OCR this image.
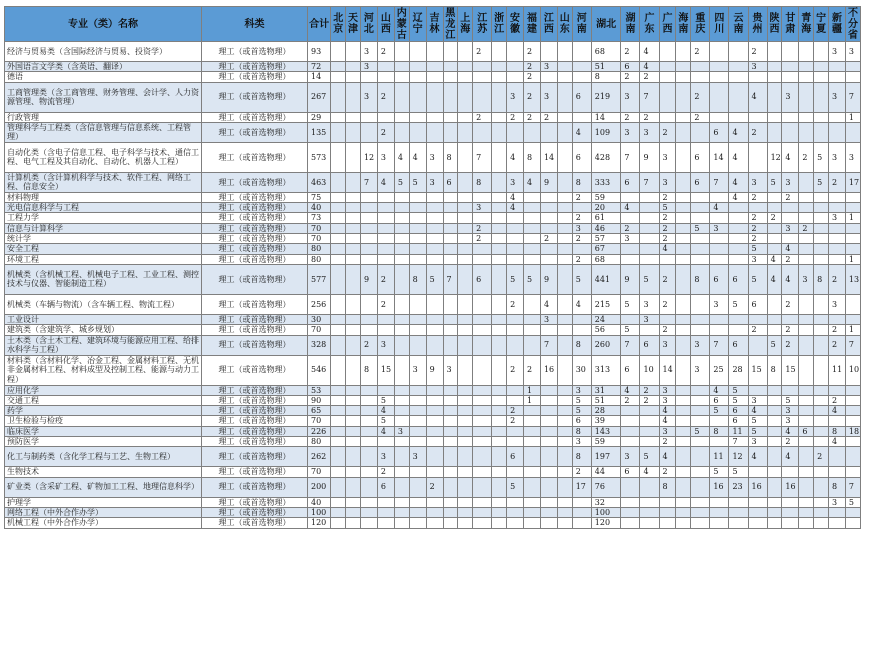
专业（类）名称	科类	合计	北京	天津	河北	山西	内蒙古	辽宁	吉林	黑龙江	上海	江苏	浙江	安徽	福建	江西	山东	河南	湖北	湖南	广东	广西	海南	重庆	四川	云南	贵州	陕西	甘肃	青海	宁夏	新疆	不分省
经济与贸易类（含国际经济与贸易、投资学）	理工（或首选物理）	93			3	2						2			2				68	2	4			2			2					3	3
外国语言文学类（含英语、翻译）	理工（或首选物理）	72			3										2	3			51	6	4						3						
德语	理工（或首选物理）	14													2				8	2	2												
工商管理类（含工商管理、财务管理、会计学、人力资源管理、物流管理）	理工（或首选物理）	267			3	2								3	2	3		6	219	3	7			2			4		3			3	7
行政管理	理工（或首选物理）	29										2		2	2	2			14	2	2			2									1
管理科学与工程类（含信息管理与信息系统、工程管理）	理工（或首选物理）	135				2												4	109	3	3	2			6	4	2						
自动化类（含电子信息工程、电子科学与技术、通信工程、电气工程及其自动化、自动化、机器人工程）	理工（或首选物理）	573			12	3	4	4	3	8		7		4	8	14		6	428	7	9	3		6	14	4		12	4	2	5	3	3
计算机类（含计算机科学与技术、软件工程、网络工程、信息安全）	理工（或首选物理）	463			7	4	5	5	3	6		8		3	4	9		8	333	6	7	3		6	7	4	3	5	3		5	2	17
材料物理	理工（或首选物理）	75												4				2	59			2				4	2		2				
光电信息科学与工程	理工（或首选物理）	40										3		4					20	4		5			4								
工程力学	理工（或首选物理）	73																2	61			2					2	2				3	1
信息与计算科学	理工（或首选物理）	70										2						3	46	2		2		5	3		2		3	2			
统计学	理工（或首选物理）	70										2				2		2	57	3		2					2						
安全工程	理工（或首选物理）	80																	67			4					5		4				
环境工程	理工（或首选物理）	80																2	68								3	4	2				1
机械类（含机械工程、机械电子工程、工业工程、测控技术与仪器、智能制造工程）	理工（或首选物理）	577			9	2		8	5	7		6		5	5	9		5	441	9	5	2		8	6	6	5	4	4	3	8	2	13
机械类（车辆与物流）（含车辆工程、物流工程）	理工（或首选物理）	256				2								2		4		4	215	5	3	2			3	5	6		2			3	
工业设计	理工（或首选物理）	30														3			24		3												
建筑类（含建筑学、城乡规划）	理工（或首选物理）	70																	56	5		2					2		2			2	1
土木类（含土木工程、建筑环境与能源应用工程、给排水科学与工程）	理工（或首选物理）	328			2	3										7		8	260	7	6	3		3	7	6		5	2			2	7
材料类（含材料化学、冶金工程、金属材料工程、无机非金属材料工程、材料成型及控制工程、能源与动力工程）	理工（或首选物理）	546			8	15		3	9	3				2	2	16		30	313	6	10	14		3	25	28	15	8	15			11	10
应用化学	理工（或首选物理）	53													1			3	31	4	2	3			4	5							
交通工程	理工（或首选物理）	90				5									1			5	51	2	2	3			6	5	3		5			2	
药学	理工（或首选物理）	65				4								2				5	28			4			5	6	4		3			4	
卫生检验与检疫	理工（或首选物理）	70				5								2				6	39			4				6	5		3				
临床医学	理工（或首选物理）	226				4	3											8	143			3		5	8	11	5		4	6		8	18
预防医学	理工（或首选物理）	80																3	59			2				7	3		2			4	
化工与制药类（含化学工程与工艺、生物工程）	理工（或首选物理）	262				3		3						6				8	197	3	5	4			11	12	4		4		2		
生物技术	理工（或首选物理）	70				2												2	44	6	4	2			5	5							
矿业类（含采矿工程、矿物加工工程、地理信息科学）	理工（或首选物理）	200				6			2					5				17	76			8			16	23	16		16			8	7
护理学	理工（或首选物理）	40																	32													3	5
网络工程（中外合作办学）	理工（或首选物理）	100																	100														
机械工程（中外合作办学）	理工（或首选物理）	120																	120														
